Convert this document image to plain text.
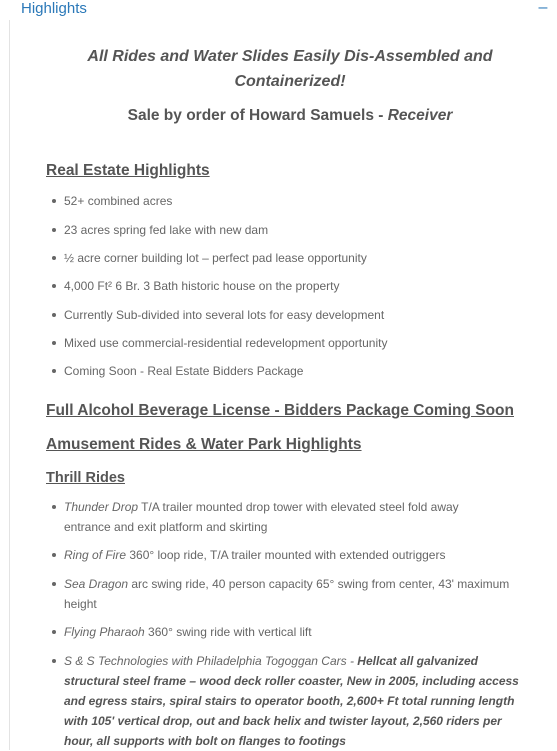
Highlights	–
All Rides and Water Slides Easily Dis-Assembled and
Containerized!
Sale by order of Howard Samuels - Receiver
Real Estate Highlights
52+ combined acres
23 acres spring fed lake with new dam
½ acre corner building lot – perfect pad lease opportunity
4,000 Ft² 6 Br. 3 Bath historic house on the property
Currently Sub-divided into several lots for easy development
Mixed use commercial-residential redevelopment opportunity
Coming Soon - Real Estate Bidders Package
Full Alcohol Beverage License - Bidders Package Coming Soon
Amusement Rides & Water Park Highlights
Thrill Rides
Thunder Drop T/A trailer mounted drop tower with elevated steel fold away
entrance and exit platform and skirting
Ring of Fire 360° loop ride, T/A trailer mounted with extended outriggers
Sea Dragon arc swing ride, 40 person capacity 65° swing from center, 43' maximum
height
Flying Pharaoh 360° swing ride with vertical lift
S & S Technologies with Philadelphia Togoggan Cars - Hellcat all galvanized
structural steel frame – wood deck roller coaster, New in 2005, including access
and egress stairs, spiral stairs to operator booth, 2,600+ Ft total running length
with 105' vertical drop, out and back helix and twister layout, 2,560 riders per
hour, all supports with bolt on flanges to footings
